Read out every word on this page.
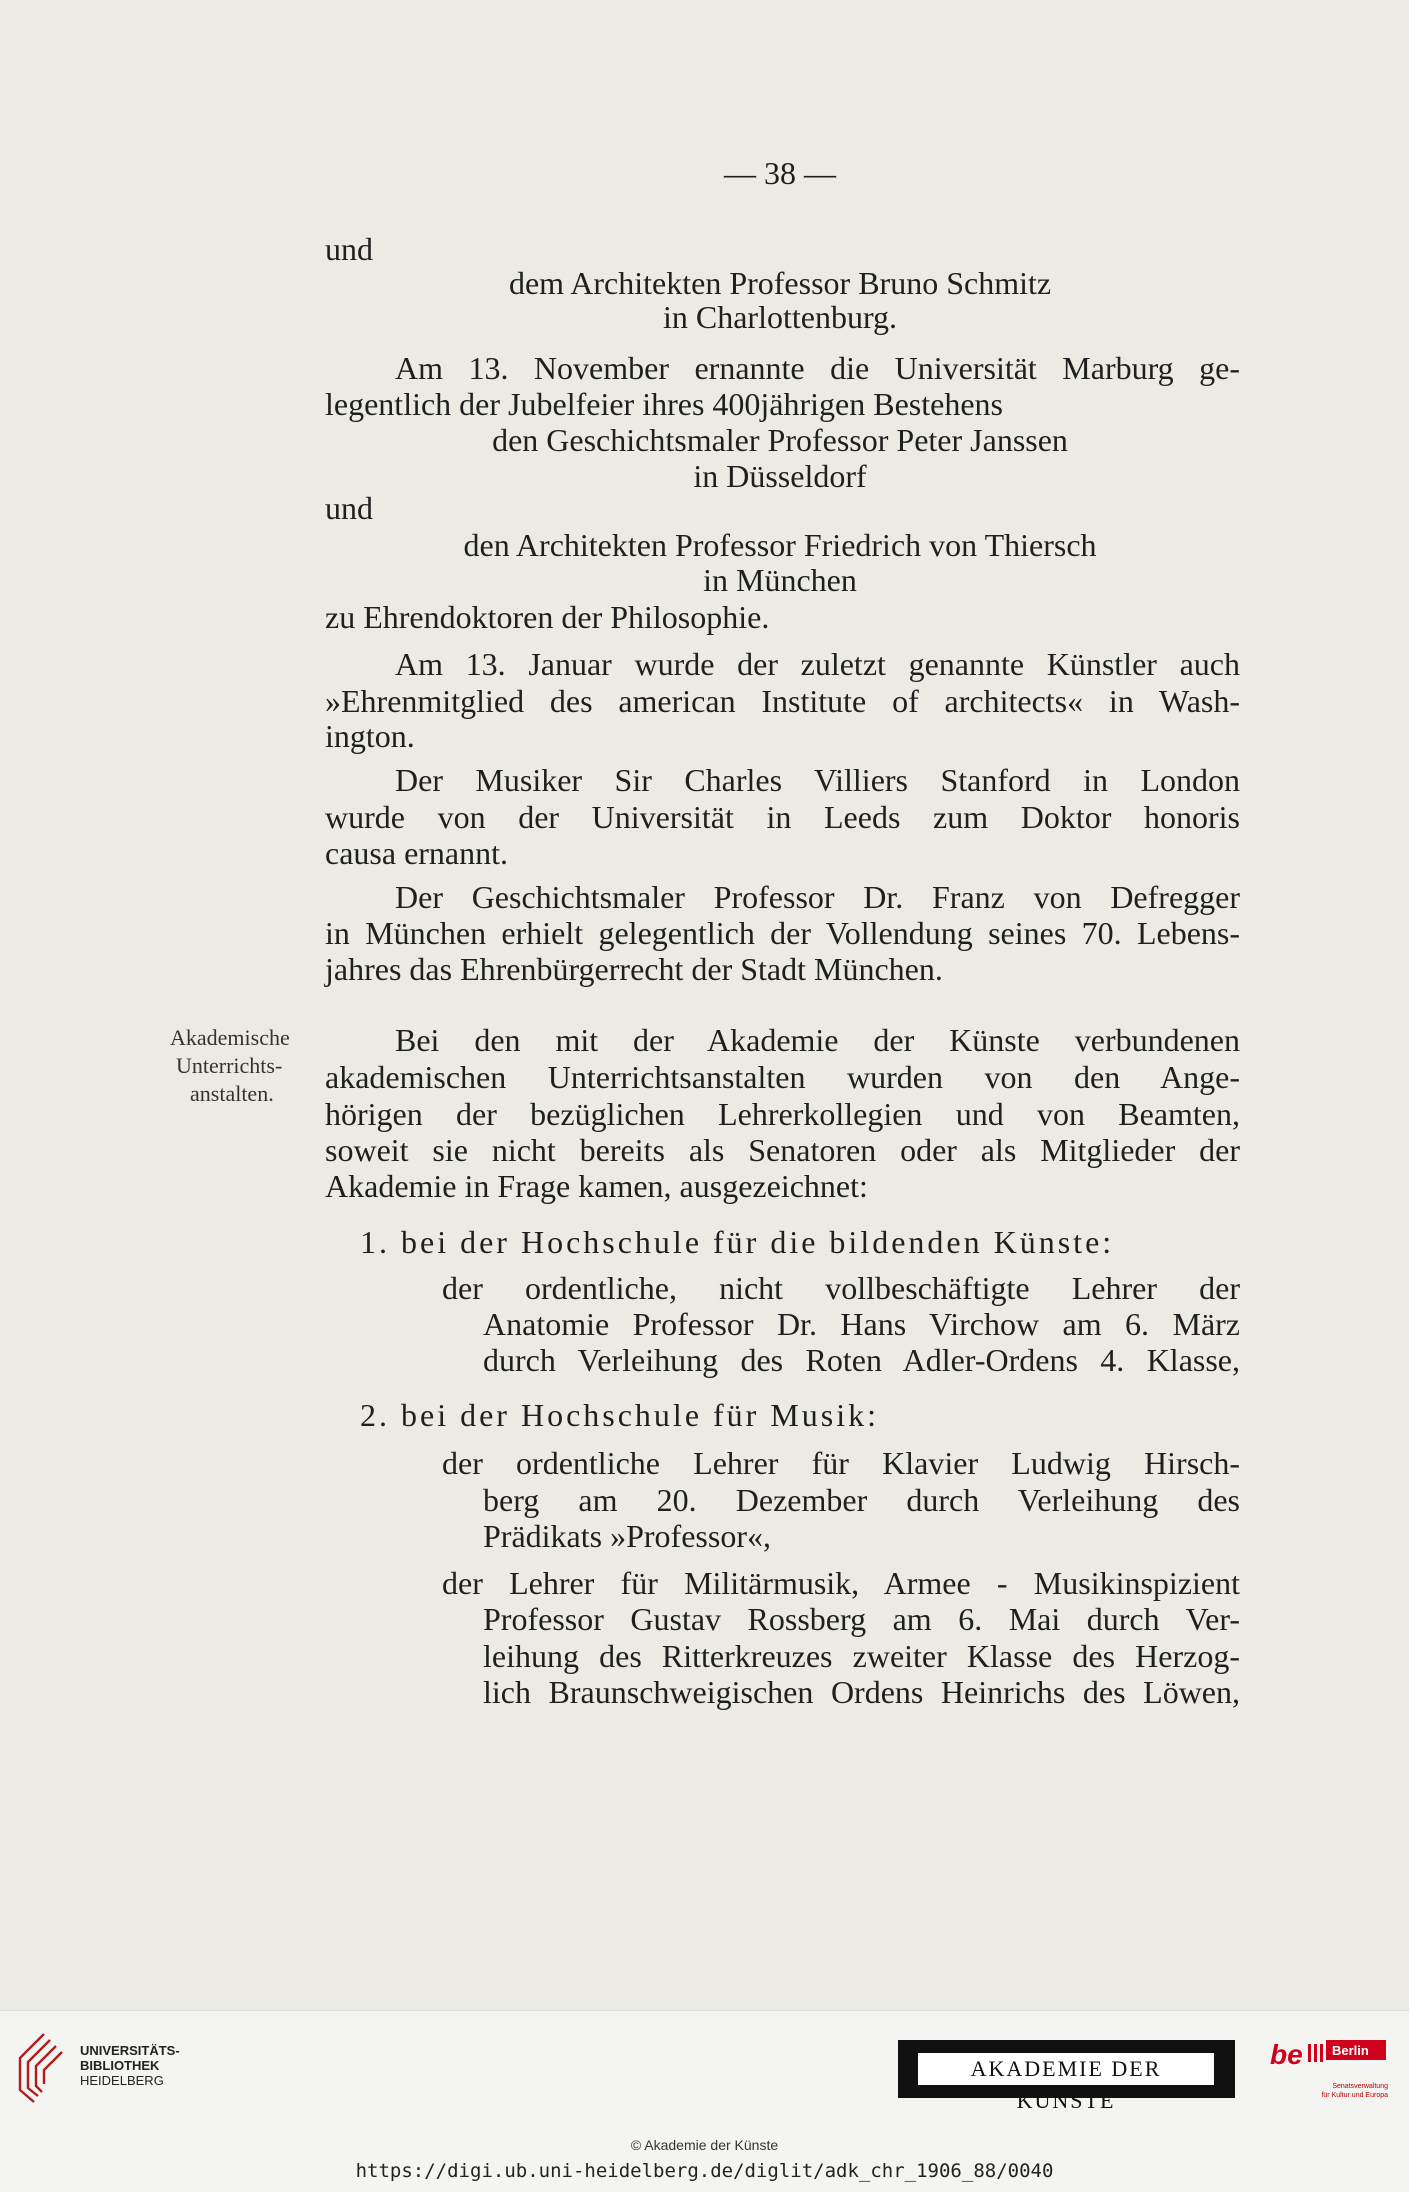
— 38 —
und
dem Architekten Professor Bruno Schmitz
in Charlottenburg.
Am 13. November ernannte die Universität Marburg ge-
legentlich der Jubelfeier ihres 400jährigen Bestehens
den Geschichtsmaler Professor Peter Janssen
in Düsseldorf
und
den Architekten Professor Friedrich von Thiersch
in München
zu Ehrendoktoren der Philosophie.
Am 13. Januar wurde der zuletzt genannte Künstler auch
»Ehrenmitglied des american Institute of architects« in Wash-
ington.
Der Musiker Sir Charles Villiers Stanford in London
wurde von der Universität in Leeds zum Doktor honoris
causa ernannt.
Der Geschichtsmaler Professor Dr. Franz von Defregger
in München erhielt gelegentlich der Vollendung seines 70. Lebens-
jahres das Ehrenbürgerrecht der Stadt München.
Akademische
Unterrichts-
anstalten.
Bei den mit der Akademie der Künste verbundenen
akademischen Unterrichtsanstalten wurden von den Ange-
hörigen der bezüglichen Lehrerkollegien und von Beamten,
soweit sie nicht bereits als Senatoren oder als Mitglieder der
Akademie in Frage kamen, ausgezeichnet:
1. bei der Hochschule für die bildenden Künste:
der ordentliche, nicht vollbeschäftigte Lehrer der
Anatomie Professor Dr. Hans Virchow am 6. März
durch Verleihung des Roten Adler-Ordens 4. Klasse,
2. bei der Hochschule für Musik:
der ordentliche Lehrer für Klavier Ludwig Hirsch-
berg am 20. Dezember durch Verleihung des
Prädikats »Professor«,
der Lehrer für Militärmusik, Armee - Musikinspizient
Professor Gustav Rossberg am 6. Mai durch Ver-
leihung des Ritterkreuzes zweiter Klasse des Herzog-
lich Braunschweigischen Ordens Heinrichs des Löwen,
UNIVERSITÄTS-
BIBLIOTHEK
HEIDELBERG	AKADEMIE DER KÜNSTE
be Berlin
Senatsverwaltung
für Kultur und Europa
© Akademie der Künste
https://digi.ub.uni-heidelberg.de/diglit/adk_chr_1906_88/0040
